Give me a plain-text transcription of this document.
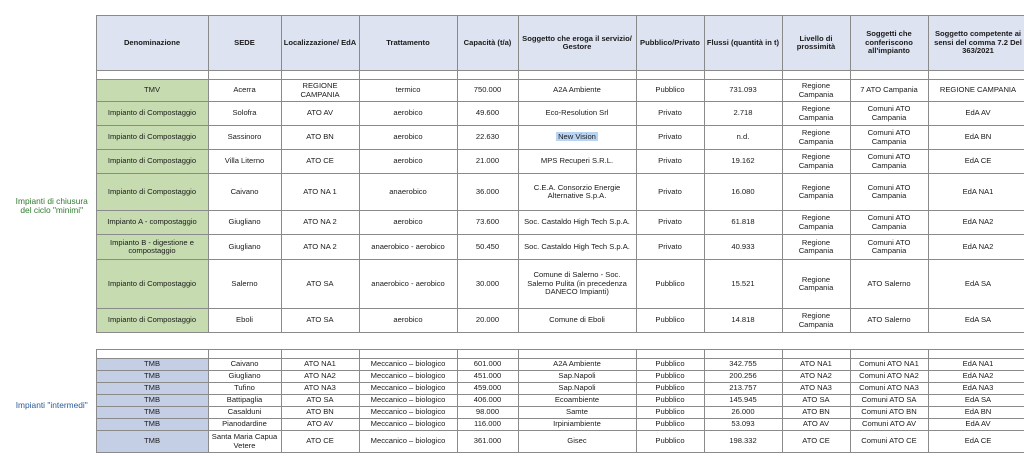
	Denominazione	SEDE	Localizzazione/ EdA	Trattamento	Capacità (t/a)	Soggetto che eroga il servizio/ Gestore	Pubblico/Privato	Flussi (quantità in t)	Livello di prossimità	Soggetti che conferiscono all'impianto	Soggetto competente ai sensi del comma 7.2 Del 363/2021

Impianti di chiusura del ciclo "minimi"	TMV	Acerra	REGIONE CAMPANIA	termico	750.000	A2A Ambiente	Pubblico	731.093	Regione Campania	7 ATO Campania	REGIONE CAMPANIA
	Impianto di Compostaggio	Solofra	ATO AV	aerobico	49.600	Eco-Resolution Srl	Privato	2.718	Regione Campania	Comuni ATO Campania	EdA AV
	Impianto di Compostaggio	Sassinoro	ATO BN	aerobico	22.630	New Vision	Privato	n.d.	Regione Campania	Comuni ATO Campania	EdA BN
	Impianto di Compostaggio	Villa Literno	ATO CE	aerobico	21.000	MPS Recuperi S.R.L.	Privato	19.162	Regione Campania	Comuni ATO Campania	EdA CE
	Impianto di Compostaggio	Caivano	ATO NA 1	anaerobico	36.000	C.E.A. Consorzio Energie Alternative S.p.A.	Privato	16.080	Regione Campania	Comuni ATO Campania	EdA NA1
	Impianto A - compostaggio	Giugliano	ATO NA 2	aerobico	73.600	Soc. Castaldo High Tech S.p.A.	Privato	61.818	Regione Campania	Comuni ATO Campania	EdA NA2
	Impianto B - digestione e compostaggio	Giugliano	ATO NA 2	anaerobico - aerobico	50.450	Soc. Castaldo High Tech S.p.A.	Privato	40.933	Regione Campania	Comuni ATO Campania	EdA NA2
	Impianto di Compostaggio	Salerno	ATO SA	anaerobico - aerobico	30.000	Comune di Salerno - Soc. Salerno Pulita (in precedenza DANECO Impianti)	Pubblico	15.521	Regione Campania	ATO Salerno	EdA SA
	Impianto di Compostaggio	Eboli	ATO SA	aerobico	20.000	Comune di Eboli	Pubblico	14.818	Regione Campania	ATO Salerno	EdA SA

Impianti "intermedi"	TMB	Caivano	ATO NA1	Meccanico – biologico	601.000	A2A Ambiente	Pubblico	342.755	ATO NA1	Comuni ATO NA1	EdA NA1
	TMB	Giugliano	ATO NA2	Meccanico – biologico	451.000	Sap.Napoli	Pubblico	200.256	ATO NA2	Comuni ATO NA2	EdA NA2
	TMB	Tufino	ATO NA3	Meccanico – biologico	459.000	Sap.Napoli	Pubblico	213.757	ATO NA3	Comuni ATO NA3	EdA NA3
	TMB	Battipaglia	ATO SA	Meccanico – biologico	406.000	Ecoambiente	Pubblico	145.945	ATO SA	Comuni ATO SA	EdA SA
	TMB	Casalduni	ATO BN	Meccanico – biologico	98.000	Samte	Pubblico	26.000	ATO BN	Comuni ATO BN	EdA BN
	TMB	Pianodardine	ATO AV	Meccanico – biologico	116.000	Irpiniambiente	Pubblico	53.093	ATO AV	Comuni ATO AV	EdA AV
	TMB	Santa Maria Capua Vetere	ATO CE	Meccanico – biologico	361.000	Gisec	Pubblico	198.332	ATO CE	Comuni ATO CE	EdA CE
